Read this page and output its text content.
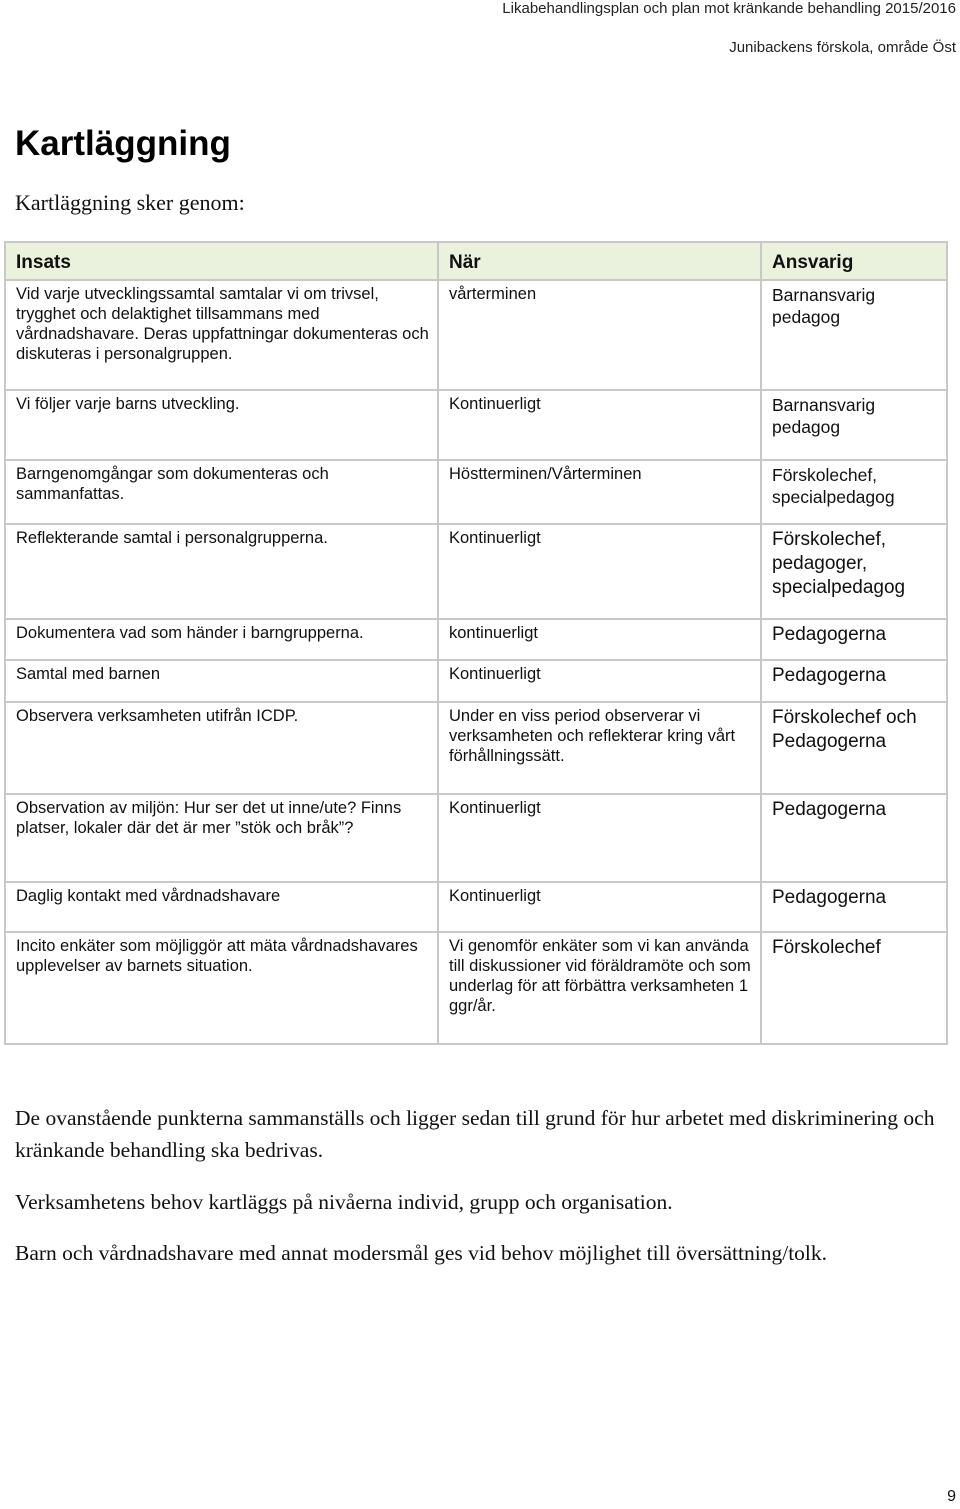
Likabehandlingsplan och plan mot kränkande behandling 2015/2016
Junibackens förskola, område Öst
Kartläggning

Kartläggning sker genom:

Insats	När	Ansvarig
Vid varje utvecklingssamtal samtalar vi om trivsel, trygghet och delaktighet tillsammans med vårdnadshavare. Deras uppfattningar dokumenteras och diskuteras i personalgruppen.	vårterminen	Barnansvarig pedagog
Vi följer varje barns utveckling.	Kontinuerligt	Barnansvarig pedagog
Barngenomgångar som dokumenteras och sammanfattas.	Höstterminen/Vårterminen	Förskolechef, specialpedagog
Reflekterande samtal i personalgrupperna.	Kontinuerligt	Förskolechef, pedagoger, specialpedagog
Dokumentera vad som händer i barngrupperna.	kontinuerligt	Pedagogerna
Samtal med barnen	Kontinuerligt	Pedagogerna
Observera verksamheten utifrån ICDP.	Under en viss period observerar vi verksamheten och reflekterar kring vårt förhållningssätt.	Förskolechef och Pedagogerna
Observation av miljön: Hur ser det ut inne/ute? Finns platser, lokaler där det är mer ”stök och bråk”?	Kontinuerligt	Pedagogerna
Daglig kontakt med vårdnadshavare	Kontinuerligt	Pedagogerna
Incito enkäter som möjliggör att mäta vårdnadshavares upplevelser av barnets situation.	Vi genomför enkäter som vi kan använda till diskussioner vid föräldramöte och som underlag för att förbättra verksamheten 1 ggr/år.	Förskolechef

De ovanstående punkterna sammanställs och ligger sedan till grund för hur arbetet med diskriminering och kränkande behandling ska bedrivas.

Verksamhetens behov kartläggs på nivåerna individ, grupp och organisation.

Barn och vårdnadshavare med annat modersmål ges vid behov möjlighet till översättning/tolk.

9
